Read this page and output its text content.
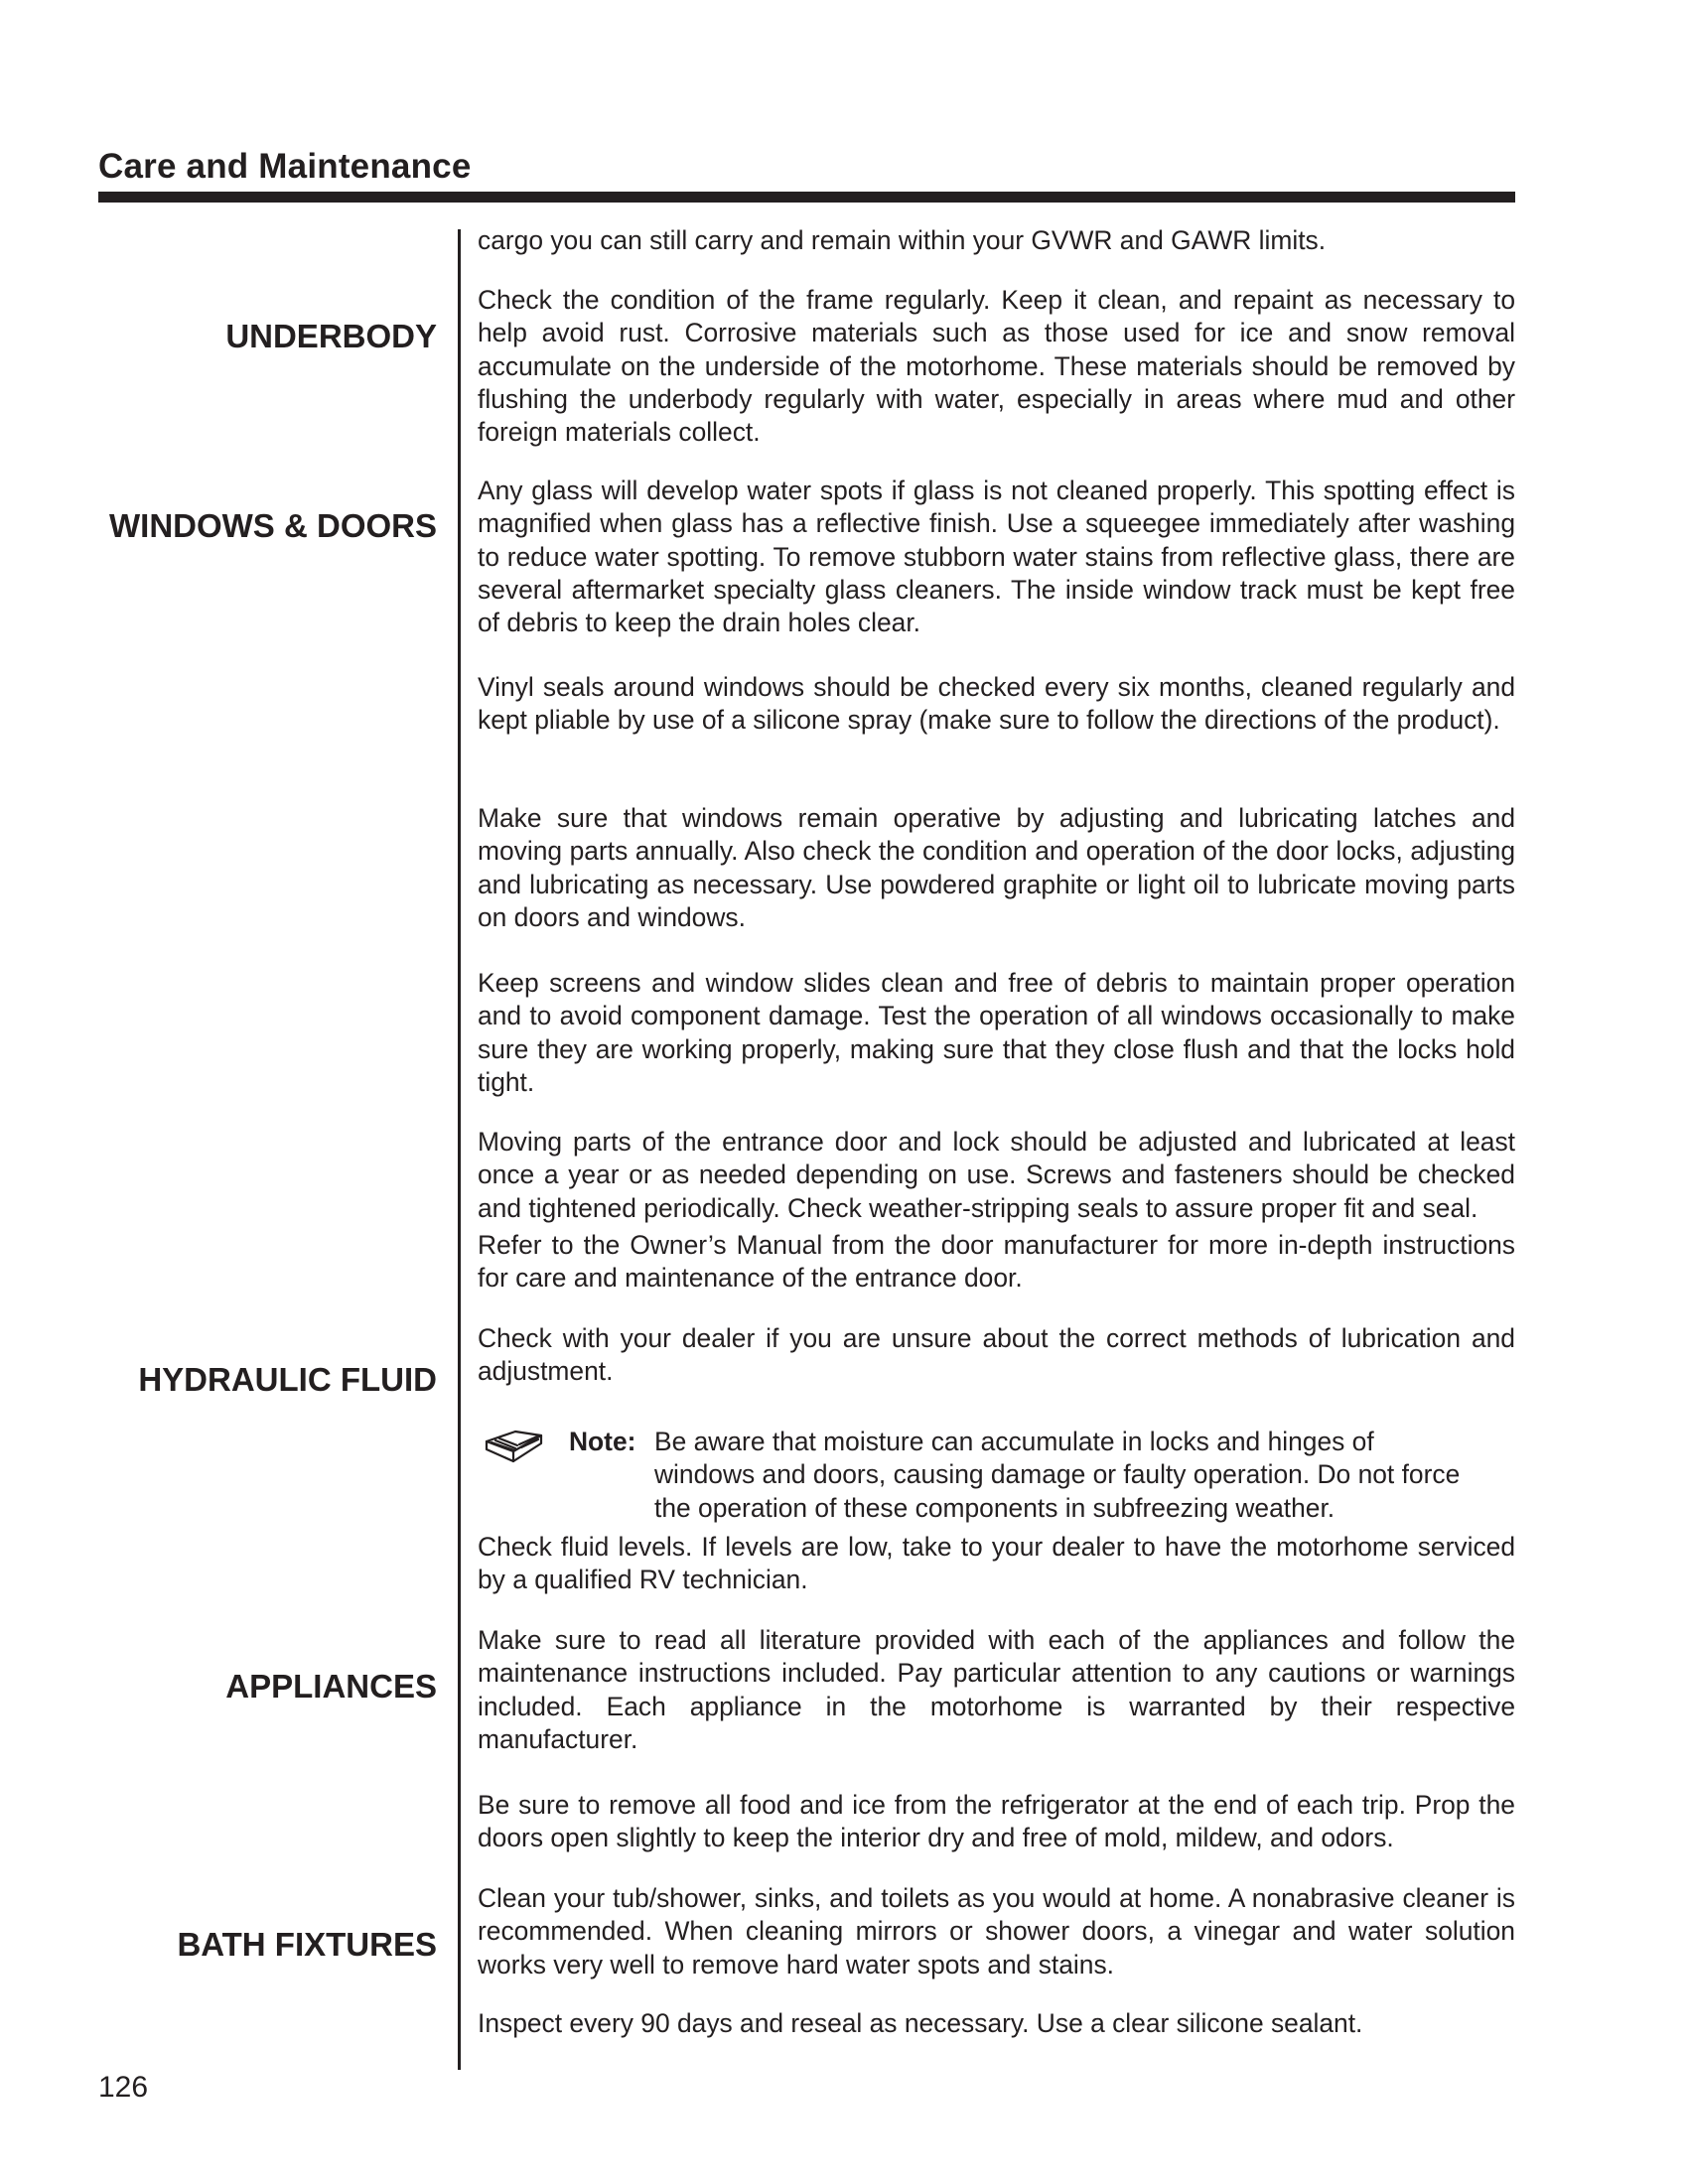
Care and Maintenance
UNDERBODY
WINDOWS & DOORS
HYDRAULIC FLUID
APPLIANCES
BATH FIXTURES

cargo you can still carry and remain within your GVWR and GAWR limits.

Check the condition of the frame regularly. Keep it clean, and repaint as necessary to help avoid rust. Corrosive materials such as those used for ice and snow removal accumulate on the underside of the motorhome. These materials should be removed by flushing the underbody regularly with water, especially in areas where mud and other foreign materials collect.

Any glass will develop water spots if glass is not cleaned properly. This spotting effect is magnified when glass has a reflective finish. Use a squeegee immediately after washing to reduce water spotting. To remove stubborn water stains from reflective glass, there are several aftermarket specialty glass cleaners. The inside window track must be kept free of debris to keep the drain holes clear.

Vinyl seals around windows should be checked every six months, cleaned regularly and kept pliable by use of a silicone spray (make sure to follow the directions of the product).

Make sure that windows remain operative by adjusting and lubricating latches and moving parts annually. Also check the condition and operation of the door locks, adjusting and lubricating as necessary. Use powdered graphite or light oil to lubricate moving parts on doors and windows.

Keep screens and window slides clean and free of debris to maintain proper operation and to avoid component damage. Test the operation of all windows occasionally to make sure they are working properly, making sure that they close flush and that the locks hold tight.

Moving parts of the entrance door and lock should be adjusted and lubricated at least once a year or as needed depending on use. Screws and fasteners should be checked and tightened periodically. Check weather-stripping seals to assure proper fit and seal.

Refer to the Owner’s Manual from the door manufacturer for more in-depth instructions for care and maintenance of the entrance door.

Check with your dealer if you are unsure about the correct methods of lubrication and adjustment.

Note: Be aware that moisture can accumulate in locks and hinges of windows and doors, causing damage or faulty operation. Do not force the operation of these components in subfreezing weather.

Check fluid levels. If levels are low, take to your dealer to have the motorhome serviced by a qualified RV technician.

Make sure to read all literature provided with each of the appliances and follow the maintenance instructions included. Pay particular attention to any cautions or warnings included. Each appliance in the motorhome is warranted by their respective manufacturer.

Be sure to remove all food and ice from the refrigerator at the end of each trip. Prop the doors open slightly to keep the interior dry and free of mold, mildew, and odors.

Clean your tub/shower, sinks, and toilets as you would at home. A nonabrasive cleaner is recommended. When cleaning mirrors or shower doors, a vinegar and water solution works very well to remove hard water spots and stains.

Inspect every 90 days and reseal as necessary. Use a clear silicone sealant.

126
